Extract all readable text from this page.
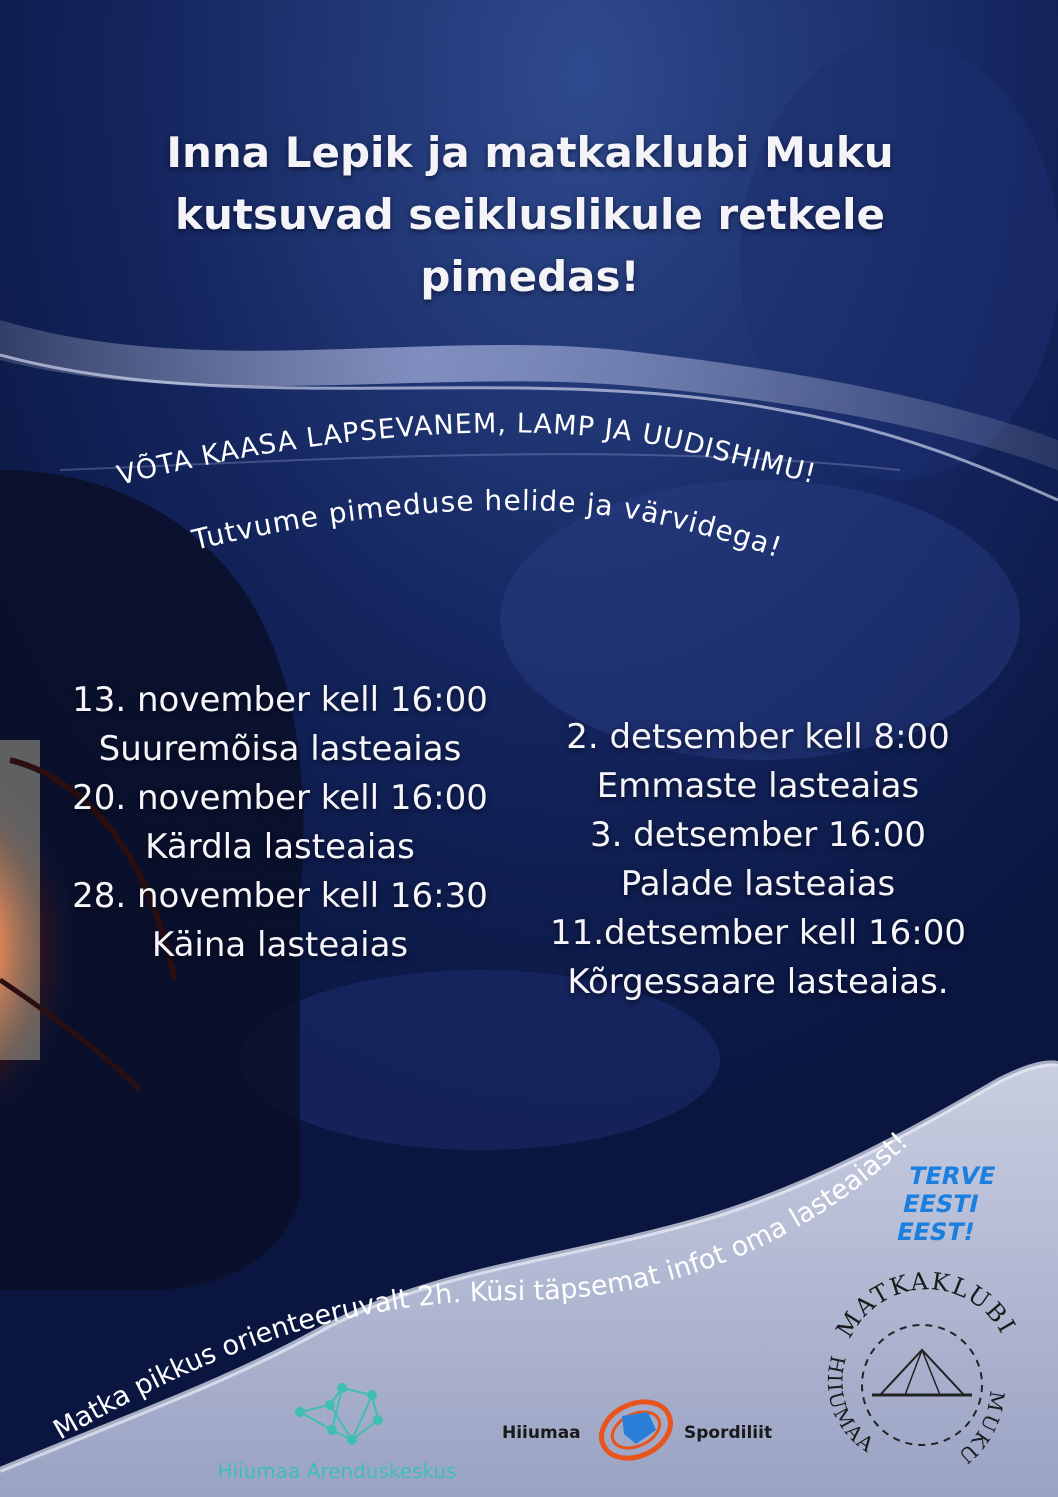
Inna Lepik ja matkaklubi Muku
kutsuvad seikluslikule retkele
pimedas!
13. november kell 16:00
Suuremõisa lasteaias
20. november kell 16:00
Kärdla lasteaias
28. november kell 16:30
Käina lasteaias
2. detsember kell 8:00
Emmaste lasteaias
3. detsember 16:00
Palade lasteaias
11.detsember kell 16:00
Kõrgessaare lasteaias.
VÕTA KAASA LAPSEVANEM, LAMP JA UUDISHIMU!
Tutvume pimeduse helide ja värvidega!
Matka pikkus orienteeruvalt 2h. Küsi täpsemat infot oma lasteaiast!
TERVE
EESTI
EEST!
MATKAKLUBI
HIIUMAA
MUKU
Hiiumaa Arenduskeskus
Hiiumaa	Spordiliit
